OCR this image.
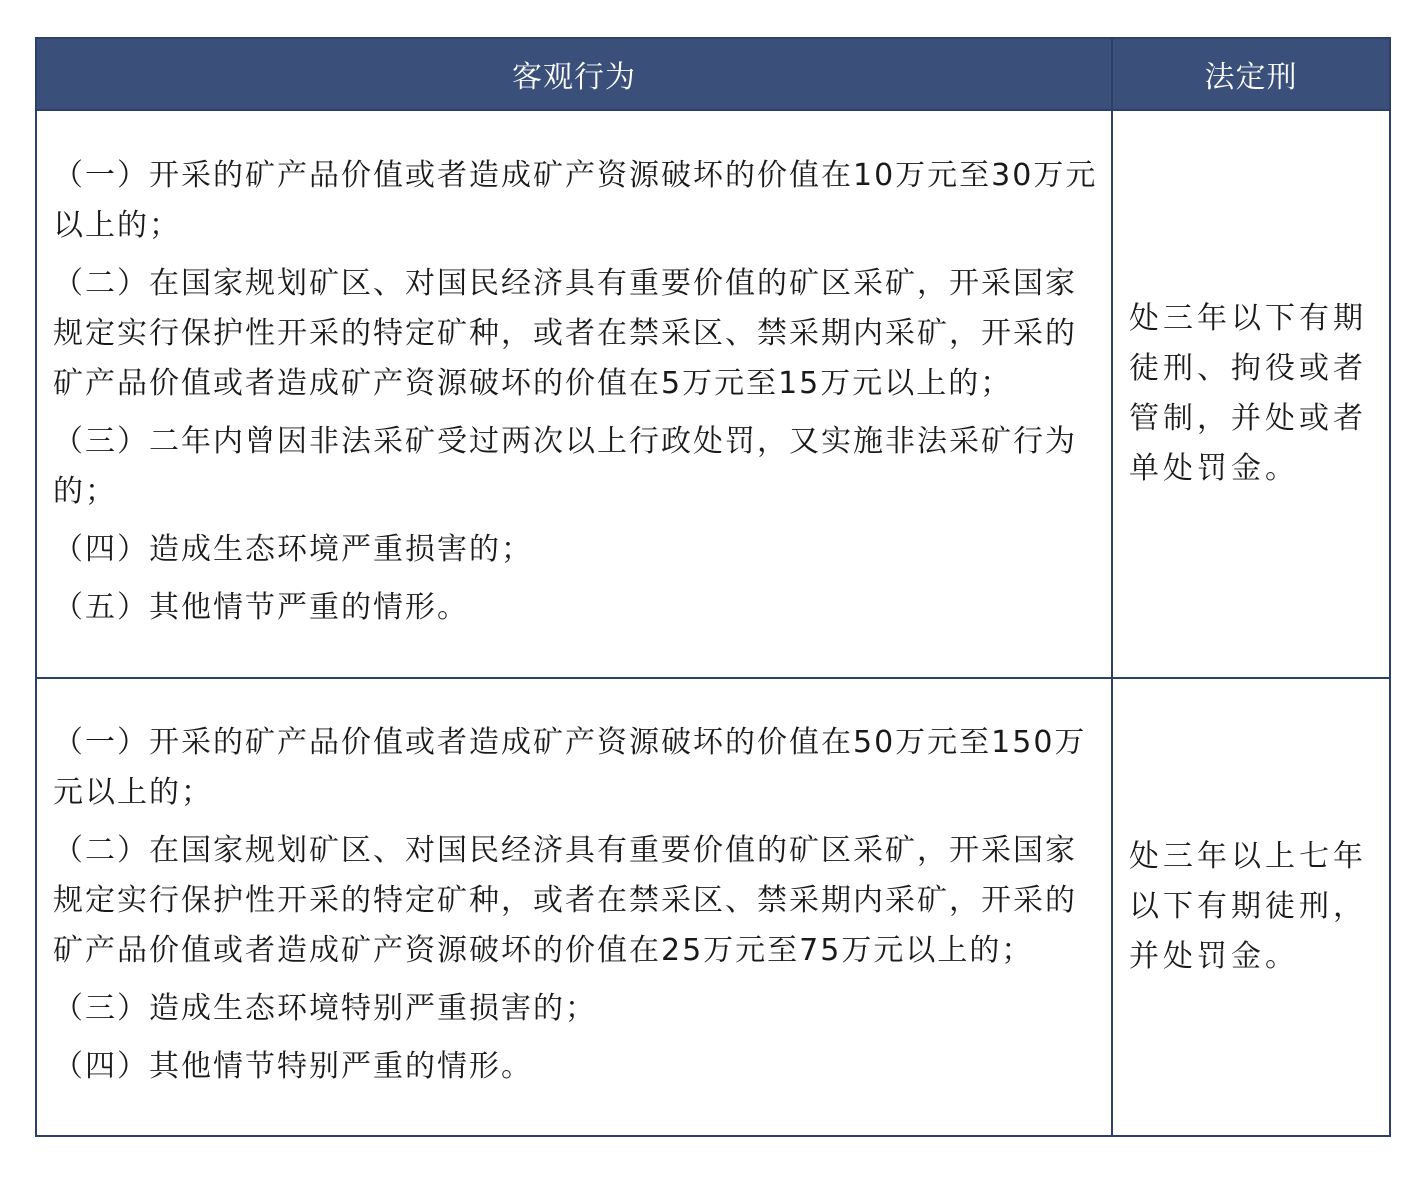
客观行为	法定刑

（一）开采的矿产品价值或者造成矿产资源破坏的价值在10万元至30万元以上的；
（二）在国家规划矿区、对国民经济具有重要价值的矿区采矿，开采国家规定实行保护性开采的特定矿种，或者在禁采区、禁采期内采矿，开采的矿产品价值或者造成矿产资源破坏的价值在5万元至15万元以上的；
（三）二年内曾因非法采矿受过两次以上行政处罚，又实施非法采矿行为的；
（四）造成生态环境严重损害的；
（五）其他情节严重的情形。	处三年以下有期徒刑、拘役或者管制，并处或者单处罚金。

（一）开采的矿产品价值或者造成矿产资源破坏的价值在50万元至150万元以上的；
（二）在国家规划矿区、对国民经济具有重要价值的矿区采矿，开采国家规定实行保护性开采的特定矿种，或者在禁采区、禁采期内采矿，开采的矿产品价值或者造成矿产资源破坏的价值在25万元至75万元以上的；
（三）造成生态环境特别严重损害的；
（四）其他情节特别严重的情形。	处三年以上七年以下有期徒刑，并处罚金。
